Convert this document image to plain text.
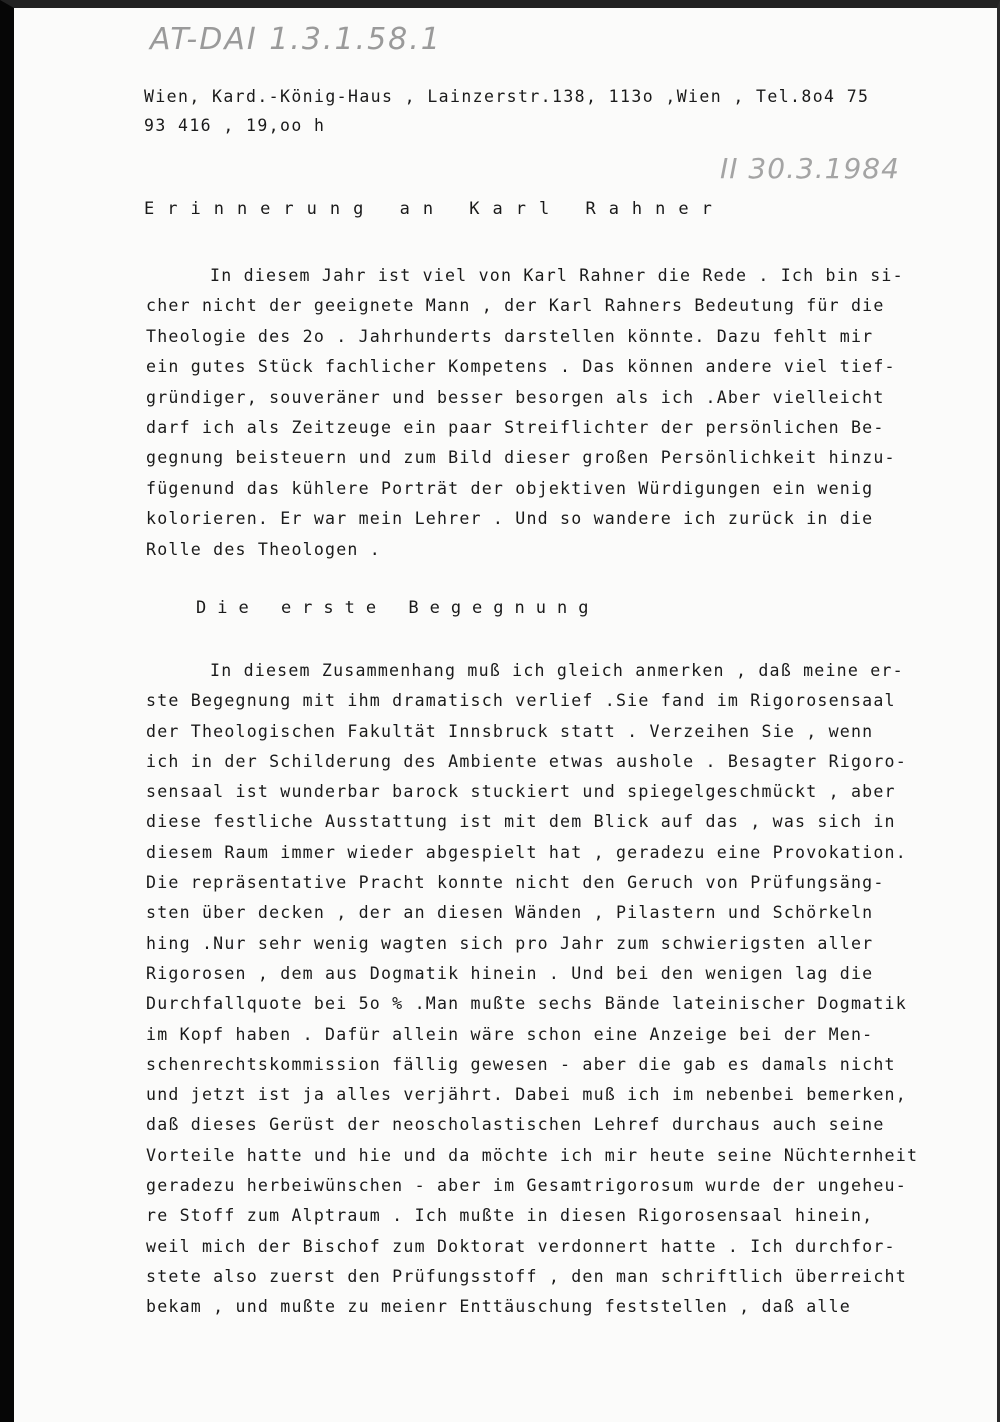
AT-DAI 1.3.1.58.1
II 30.3.1984

Wien, Kard.-König-Haus , Lainzerstr.138, 113o ,Wien , Tel.8o4 75

93 416 , 19,oo h

Erinnerung an Karl Rahner
In diesem Jahr ist viel von Karl Rahner die Rede . Ich bin si-
cher nicht der geeignete Mann , der Karl Rahners Bedeutung für die
Theologie des 2o . Jahrhunderts darstellen könnte. Dazu fehlt mir
ein gutes Stück fachlicher Kompetens . Das können andere viel tief-
gründiger, souveräner und besser besorgen als ich .Aber vielleicht
darf ich als Zeitzeuge ein paar Streiflichter der persönlichen Be-
gegnung beisteuern und zum Bild dieser großen Persönlichkeit hinzu-
fügenund das kühlere Porträt der objektiven Würdigungen ein wenig
kolorieren. Er war mein Lehrer . Und so wandere ich zurück in die
Rolle des Theologen .
Die erste Begegnung
In diesem Zusammenhang muß ich gleich anmerken , daß meine er-
ste Begegnung mit ihm dramatisch verlief .Sie fand im Rigorosensaal
der Theologischen Fakultät Innsbruck statt . Verzeihen Sie , wenn
ich in der Schilderung des Ambiente etwas aushole . Besagter Rigoro-
sensaal ist wunderbar barock stuckiert und spiegelgeschmückt , aber
diese festliche Ausstattung ist mit dem Blick auf das , was sich in
diesem Raum immer wieder abgespielt hat , geradezu eine Provokation.
Die repräsentative Pracht konnte nicht den Geruch von Prüfungsäng-
sten über decken , der an diesen Wänden , Pilastern und Schörkeln
hing .Nur sehr wenig wagten sich pro Jahr zum schwierigsten aller
Rigorosen , dem aus Dogmatik hinein . Und bei den wenigen lag die
Durchfallquote bei 5o % .Man mußte sechs Bände lateinischer Dogmatik
im Kopf haben . Dafür allein wäre schon eine Anzeige bei der Men-
schenrechtskommission fällig gewesen - aber die gab es damals nicht
und jetzt ist ja alles verjährt. Dabei muß ich im nebenbei bemerken,
daß dieses Gerüst der neoscholastischen Lehref durchaus auch seine
Vorteile hatte und hie und da möchte ich mir heute seine Nüchternheit
geradezu herbeiwünschen - aber im Gesamtrigorosum wurde der ungeheu-
re Stoff zum Alptraum . Ich mußte in diesen Rigorosensaal hinein,
weil mich der Bischof zum Doktorat verdonnert hatte . Ich durchfor-
stete also zuerst den Prüfungsstoff , den man schriftlich überreicht
bekam , und mußte zu meienr Enttäuschung feststellen , daß alle
